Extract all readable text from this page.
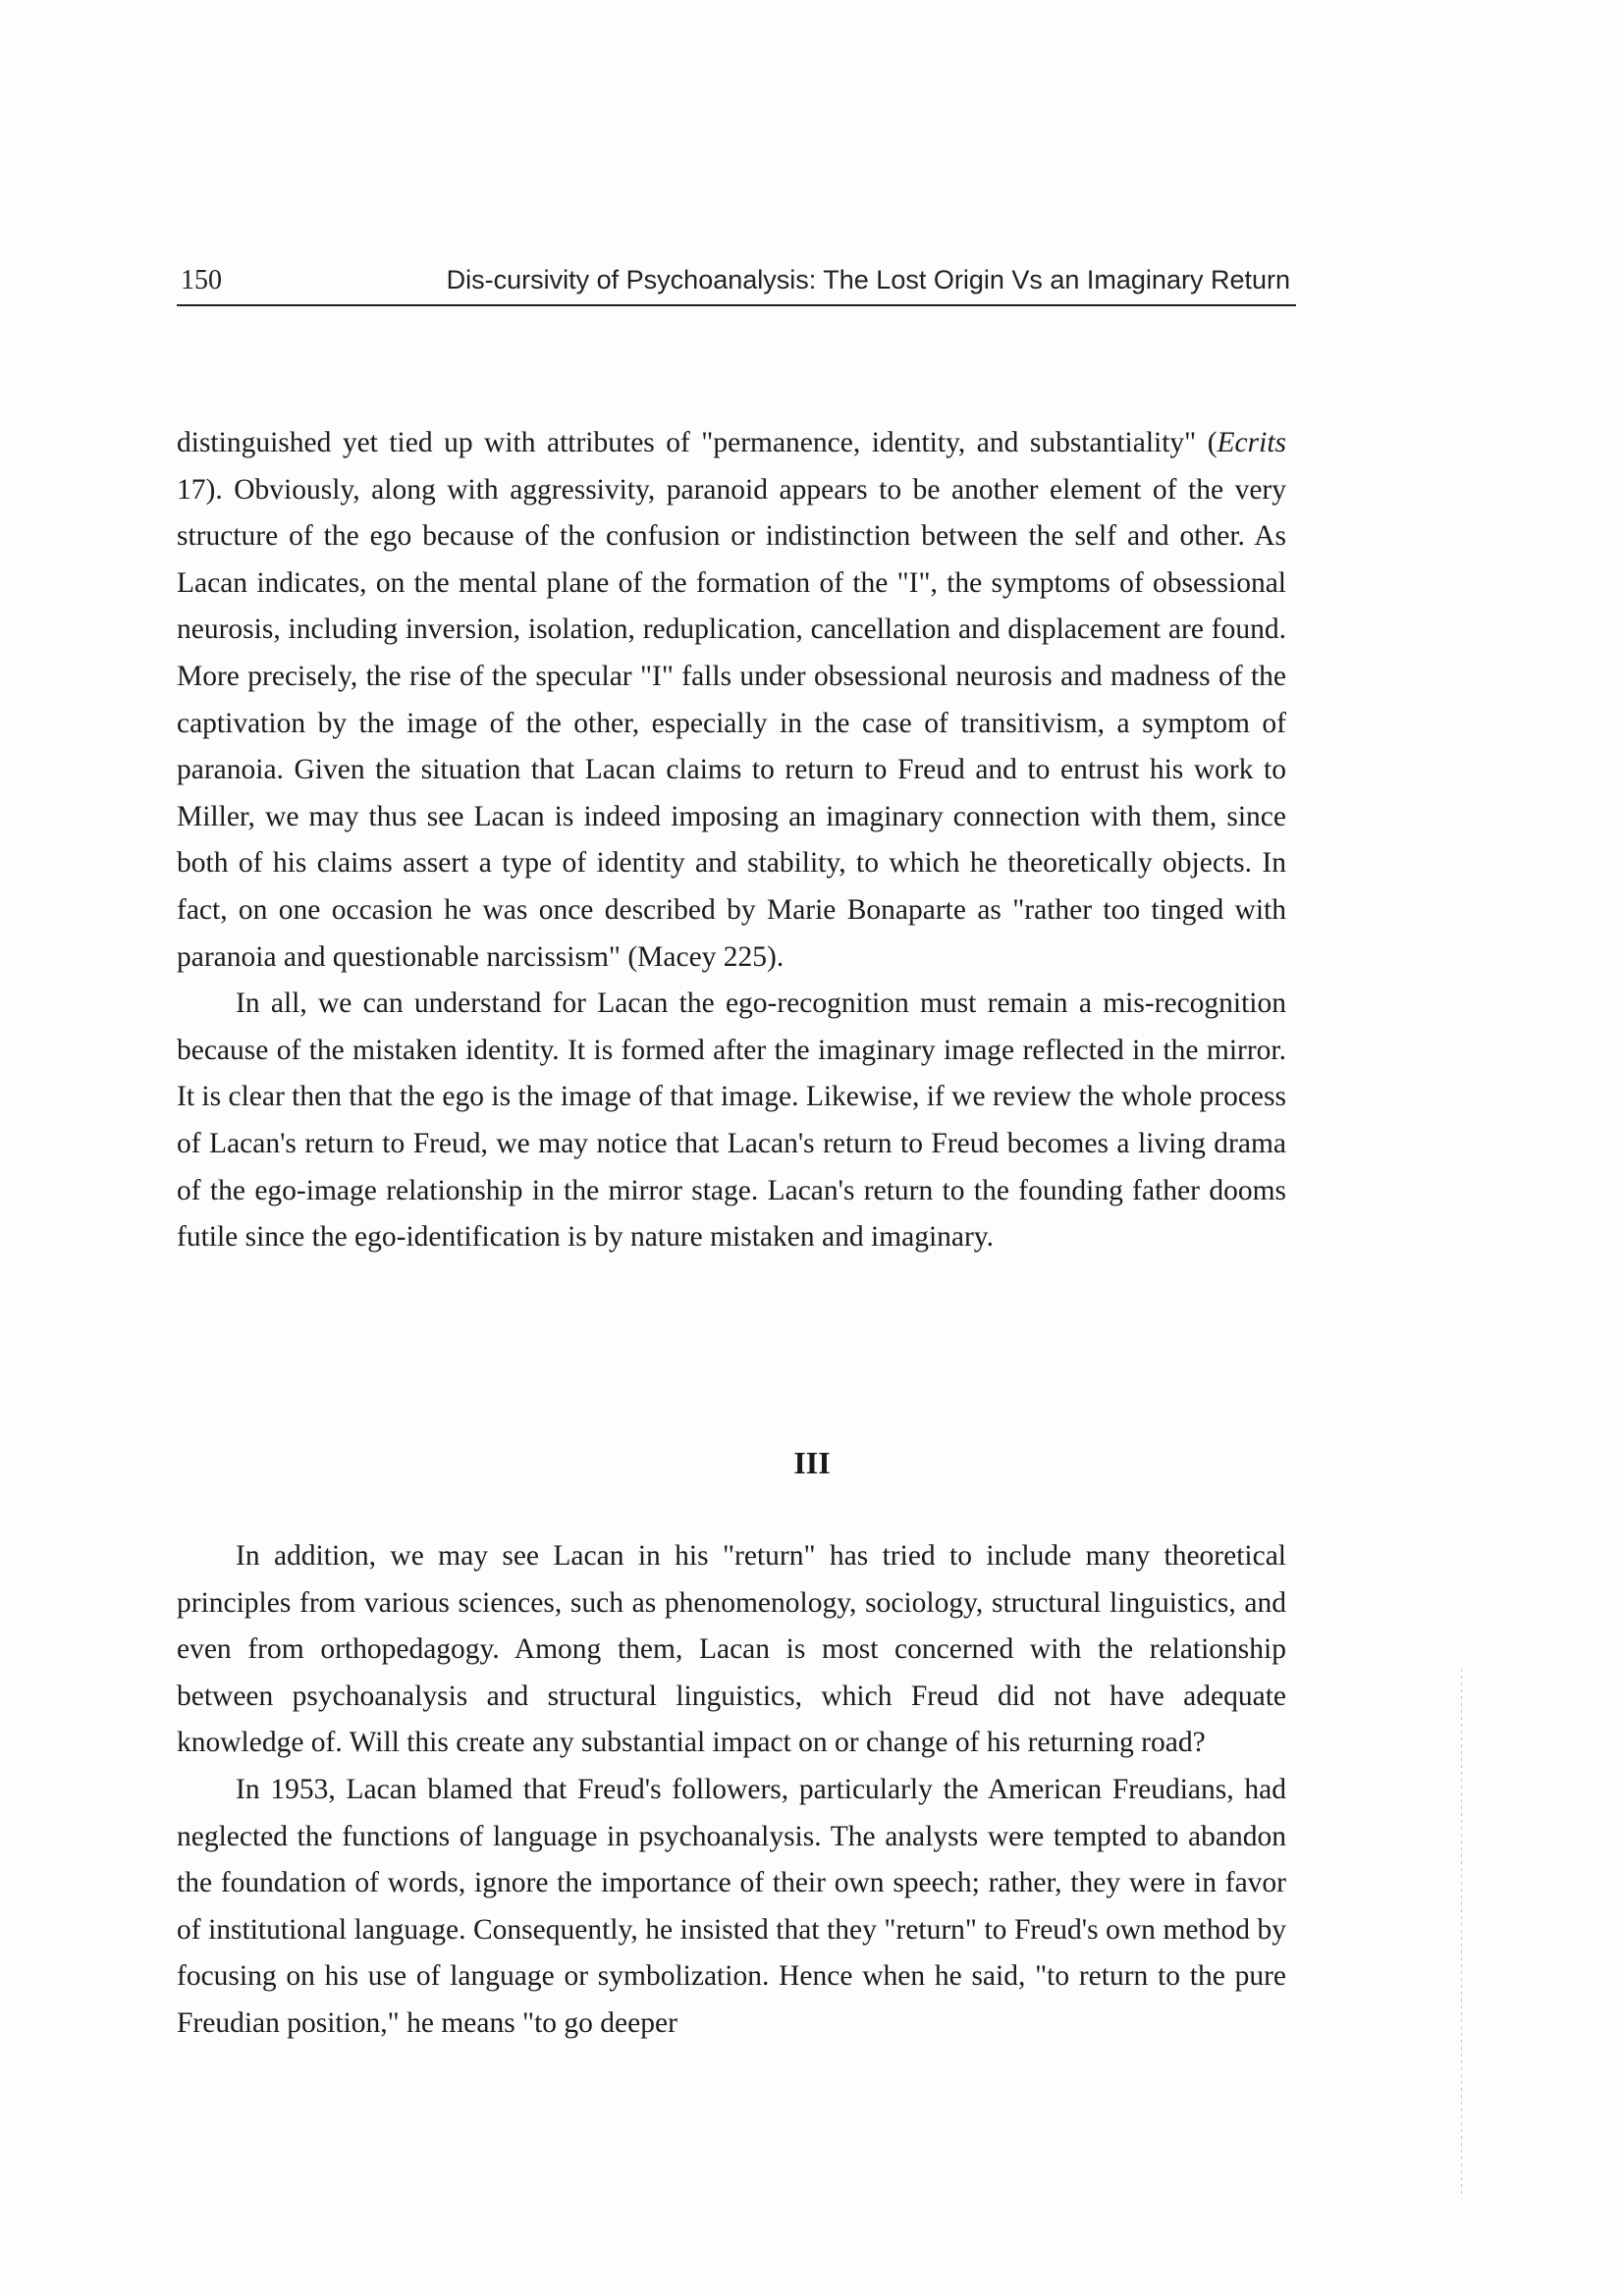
150	Dis-cursivity of Psychoanalysis: The Lost Origin Vs an Imaginary Return

distinguished yet tied up with attributes of "permanence, identity, and substantiality" (Ecrits 17). Obviously, along with aggressivity, paranoid appears to be another element of the very structure of the ego because of the confusion or indistinction between the self and other. As Lacan indicates, on the mental plane of the formation of the "I", the symptoms of obsessional neurosis, including inversion, isolation, reduplication, cancellation and displacement are found. More precisely, the rise of the specular "I" falls under obsessional neurosis and madness of the captivation by the image of the other, especially in the case of transitivism, a symptom of paranoia. Given the situation that Lacan claims to return to Freud and to entrust his work to Miller, we may thus see Lacan is indeed imposing an imaginary connection with them, since both of his claims assert a type of identity and stability, to which he theoretically objects. In fact, on one occasion he was once described by Marie Bonaparte as "rather too tinged with paranoia and questionable narcissism" (Macey 225).

In all, we can understand for Lacan the ego-recognition must remain a mis-recognition because of the mistaken identity. It is formed after the imaginary image reflected in the mirror. It is clear then that the ego is the image of that image. Likewise, if we review the whole process of Lacan's return to Freud, we may notice that Lacan's return to Freud becomes a living drama of the ego-image relationship in the mirror stage. Lacan's return to the founding father dooms futile since the ego-identification is by nature mistaken and imaginary.

III

In addition, we may see Lacan in his "return" has tried to include many theoretical principles from various sciences, such as phenomenology, sociology, structural linguistics, and even from orthopedagogy. Among them, Lacan is most concerned with the relationship between psychoanalysis and structural linguistics, which Freud did not have adequate knowledge of. Will this create any substantial impact on or change of his returning road?

In 1953, Lacan blamed that Freud's followers, particularly the American Freudians, had neglected the functions of language in psychoanalysis. The analysts were tempted to abandon the foundation of words, ignore the importance of their own speech; rather, they were in favor of institutional language. Consequently, he insisted that they "return" to Freud's own method by focusing on his use of language or symbolization. Hence when he said, "to return to the pure Freudian position," he means "to go deeper
